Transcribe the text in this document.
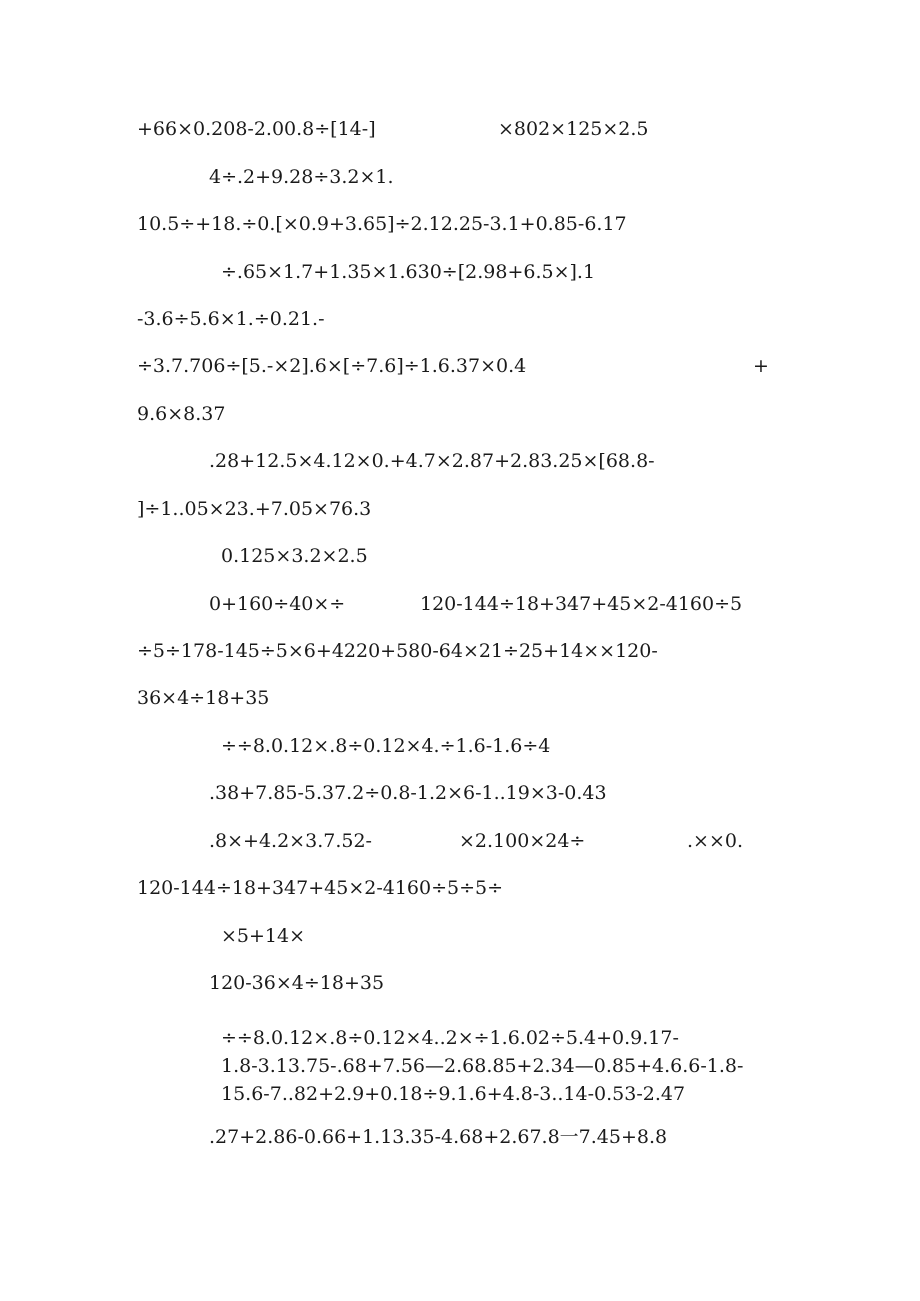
+66×0.208-2.00.8÷[14-]	×802×125×2.5
4÷.2+9.28÷3.2×1.
10.5÷+18.÷0.[×0.9+3.65]÷2.12.25-3.1+0.85-6.17
÷.65×1.7+1.35×1.630÷[2.98+6.5×].1
-3.6÷5.6×1.÷0.21.-
÷3.7.706÷[5.-×2].6×[÷7.6]÷1.6.37×0.4	+
9.6×8.37
.28+12.5×4.12×0.+4.7×2.87+2.83.25×[68.8-
]÷1..05×23.+7.05×76.3
0.125×3.2×2.5
0+160÷40×÷	120-144÷18+347+45×2-4160÷5
÷5÷178-145÷5×6+4220+580-64×21÷25+14××120-
36×4÷18+35
÷÷8.0.12×.8÷0.12×4.÷1.6-1.6÷4
.38+7.85-5.37.2÷0.8-1.2×6-1..19×3-0.43
.8×+4.2×3.7.52-	×2.100×24÷	.××0.
120-144÷18+347+45×2-4160÷5÷5÷
×5+14×
120-36×4÷18+35
÷÷8.0.12×.8÷0.12×4..2×÷1.6.02÷5.4+0.9.17-
1.8-3.13.75-.68+7.56—2.68.85+2.34—0.85+4.6.6-1.8-
15.6-7..82+2.9+0.18÷9.1.6+4.8-3..14-0.53-2.47
.27+2.86-0.66+1.13.35-4.68+2.67.8一7.45+8.8
